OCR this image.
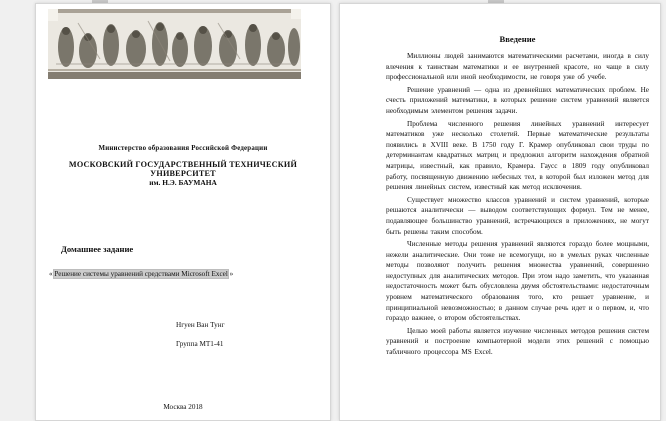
Министерство образования Российской Федерации
МОСКОВСКИЙ ГОСУДАРСТВЕННЫЙ ТЕХНИЧЕСКИЙ УНИВЕРСИТЕТ
им. Н.Э. БАУМАНА
Домашнее задание
« Решение системы уравнений средствами Microsoft Excel »
Нгуен Ван Тунг
Группа МТ1-41
Москва 2018
Введение

Миллионы людей занимаются математическими расчетами, иногда в силу влечения к таинствам математики и ее внутренней красоте, но чаще в силу профессиональной или иной необходимости, не говоря уже об учебе.

Решение уравнений — одна из древнейших математических проблем. Не счесть приложений математики, в которых решение систем уравнений является необходимым элементом решения задачи.

Проблема численного решения линейных уравнений интересует математиков уже несколько столетий. Первые математические результаты появились в XVIII веке. В 1750 году Г. Крамер опубликовал свои труды по детерминантам квадратных матриц и предложил алгоритм нахождения обратной матрицы, известный, как правило, Крамера. Гаусс в 1809 году опубликовал работу, посвященную движению небесных тел, в которой был изложен метод для решения линейных систем, известный как метод исключения.

Существует множество классов уравнений и систем уравнений, которые решаются аналитически — выводом соответствующих формул. Тем не менее, подавляющее большинство уравнений, встречающихся в приложениях, не могут быть решены таким способом.

Численные методы решения уравнений являются гораздо более мощными, нежели аналитические. Они тоже не всемогущи, но в умелых руках численные методы позволяют получить решения множества уравнений, совершенно недоступных для аналитических методов. При этом надо заметить, что указанная недостаточность может быть обусловлена двумя обстоятельствами: недостаточным уровнем математического образования того, кто решает уравнение, и принципиальной невозможностью; в данном случае речь идет и о первом, и, что гораздо важнее, о втором обстоятельствах.

Целью моей работы является изучение численных методов решения систем уравнений и построение компьютерной модели этих решений с помощью табличного процессора MS Excel.
